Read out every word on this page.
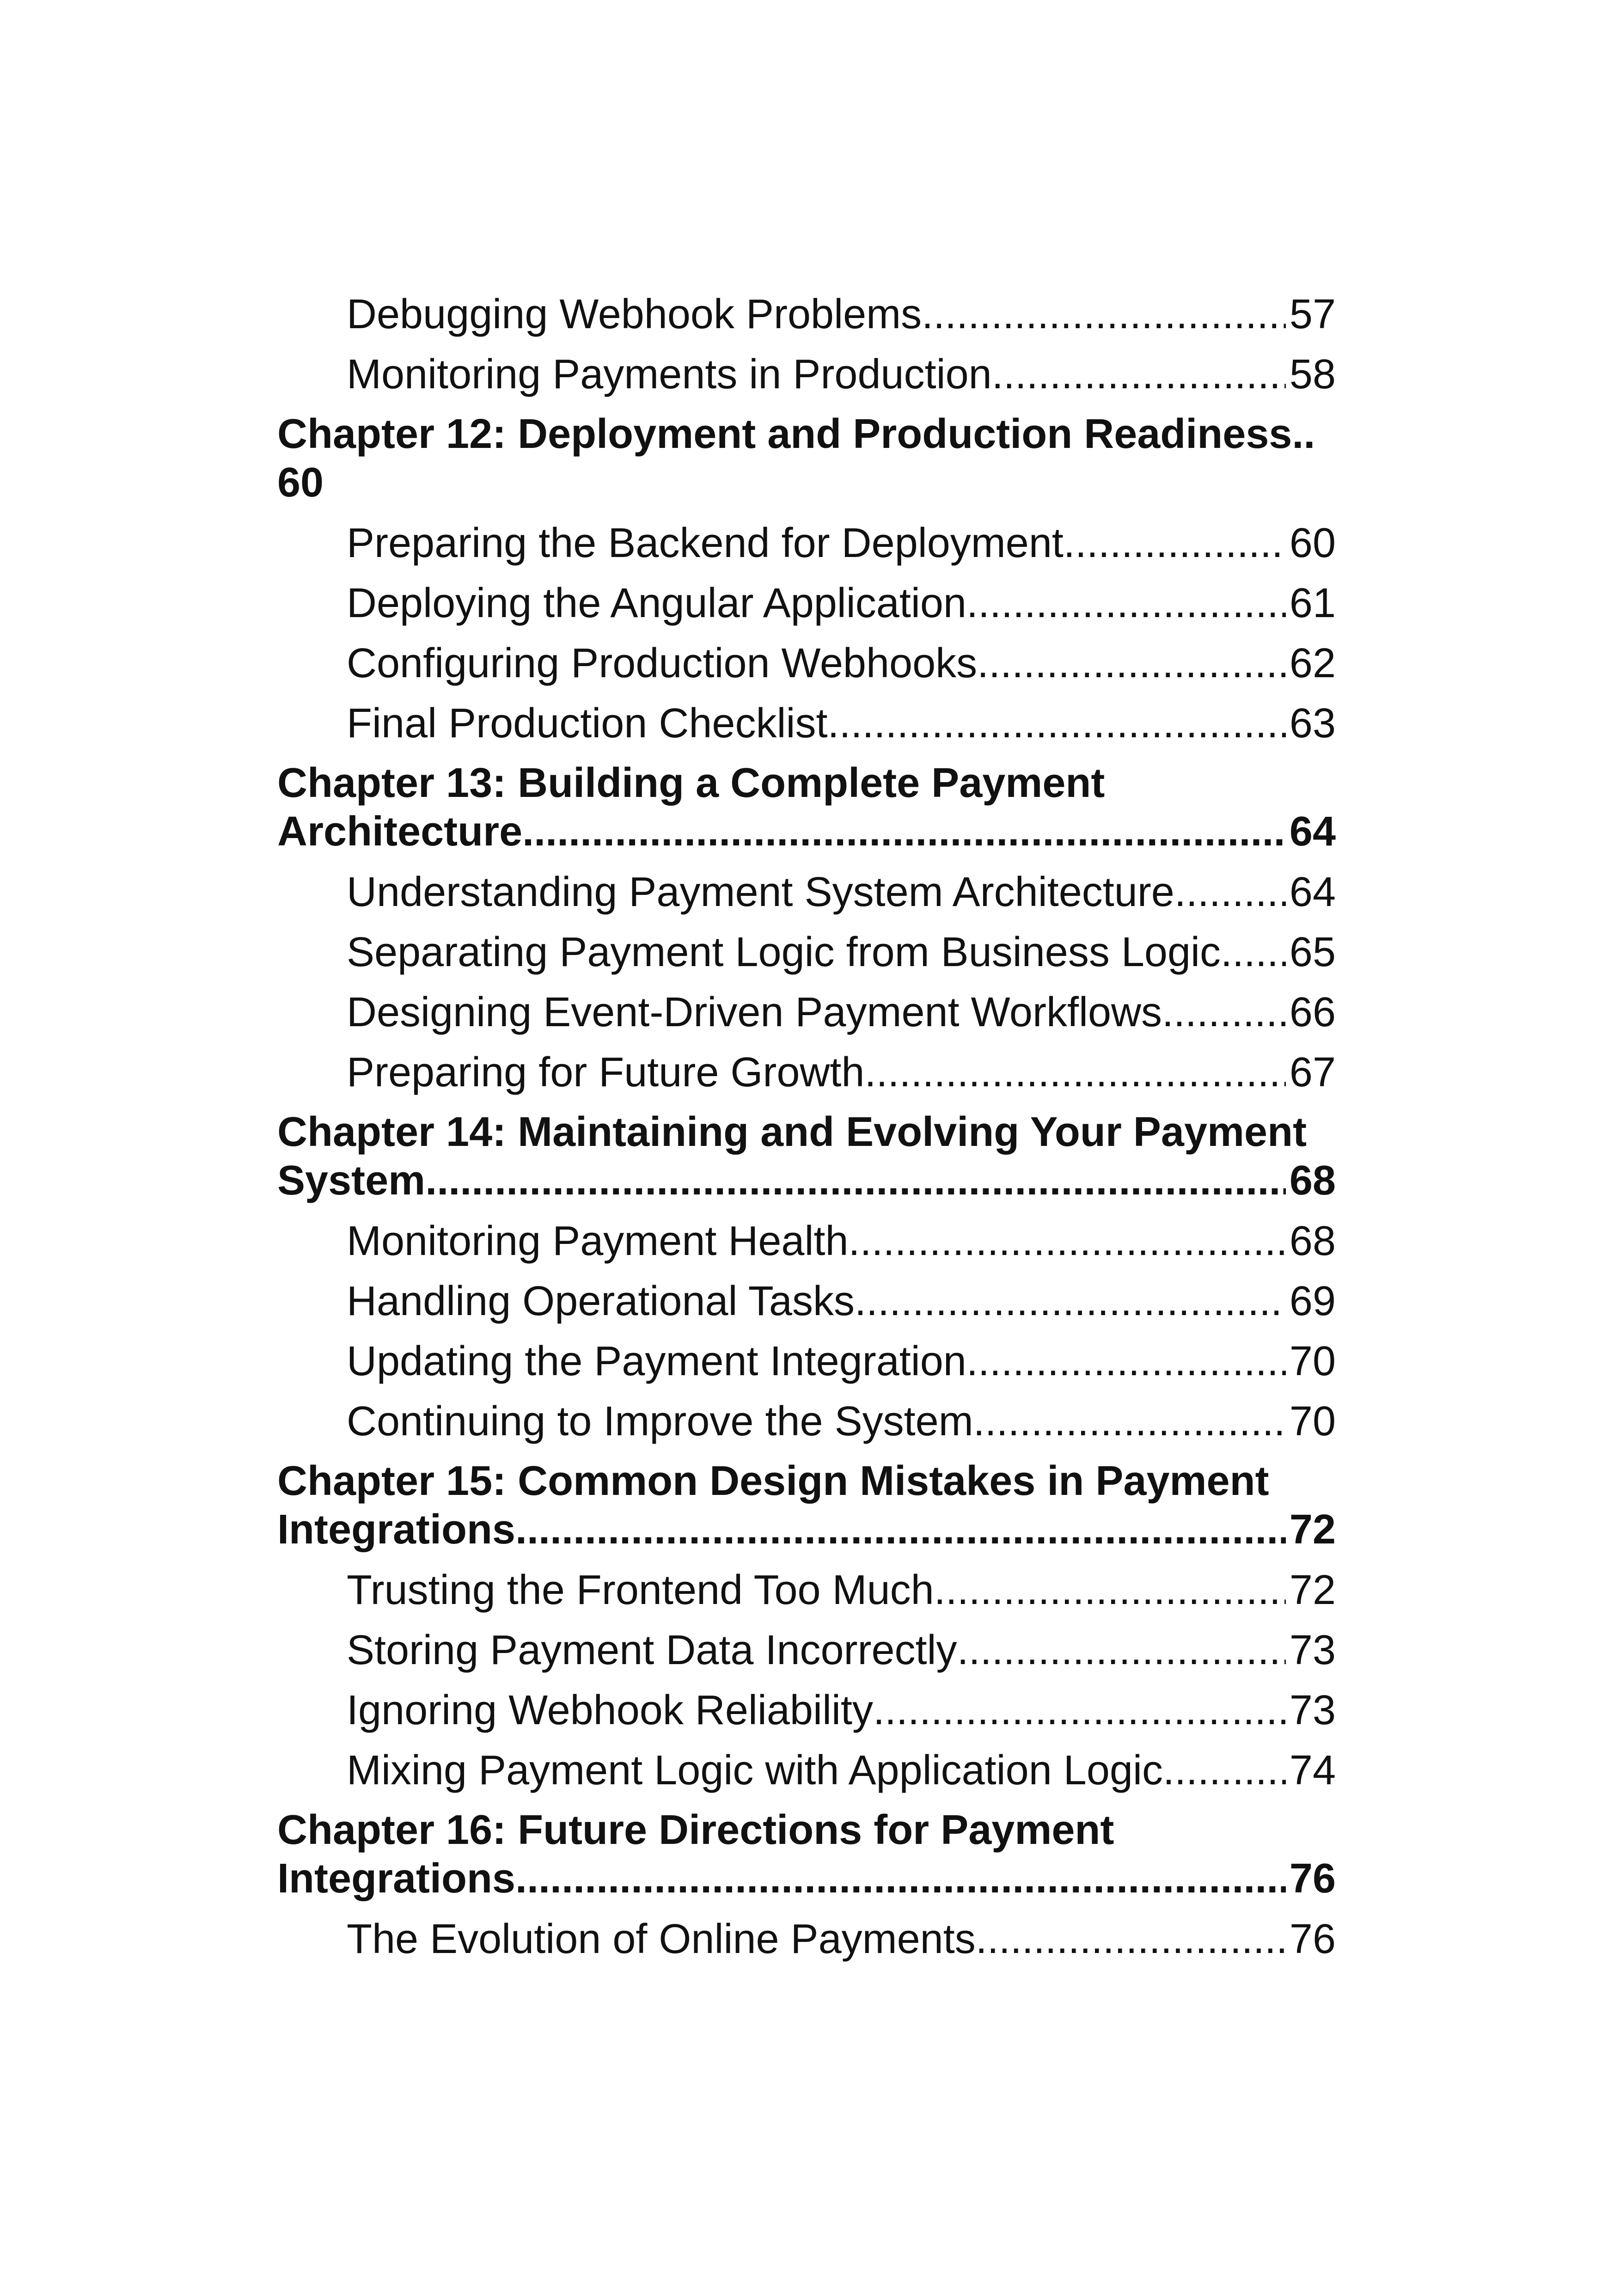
Debugging Webhook Problems .....	57
Monitoring Payments in Production .....	58
Chapter 12: Deployment and Production Readiness..
60
Preparing the Backend for Deployment .....	60
Deploying the Angular Application .....	61
Configuring Production Webhooks .....	62
Final Production Checklist .....	63
Chapter 13: Building a Complete Payment
Architecture .....	64
Understanding Payment System Architecture .....	64
Separating Payment Logic from Business Logic ..... 65
Designing Event-Driven Payment Workflows .....	66
Preparing for Future Growth .....	67
Chapter 14: Maintaining and Evolving Your Payment
System .....	68
Monitoring Payment Health .....	68
Handling Operational Tasks .....	69
Updating the Payment Integration .....	70
Continuing to Improve the System .....	70
Chapter 15: Common Design Mistakes in Payment
Integrations .....	72
Trusting the Frontend Too Much .....	72
Storing Payment Data Incorrectly .....	73
Ignoring Webhook Reliability .....	73
Mixing Payment Logic with Application Logic .....	74
Chapter 16: Future Directions for Payment
Integrations .....	76
The Evolution of Online Payments .....	76
